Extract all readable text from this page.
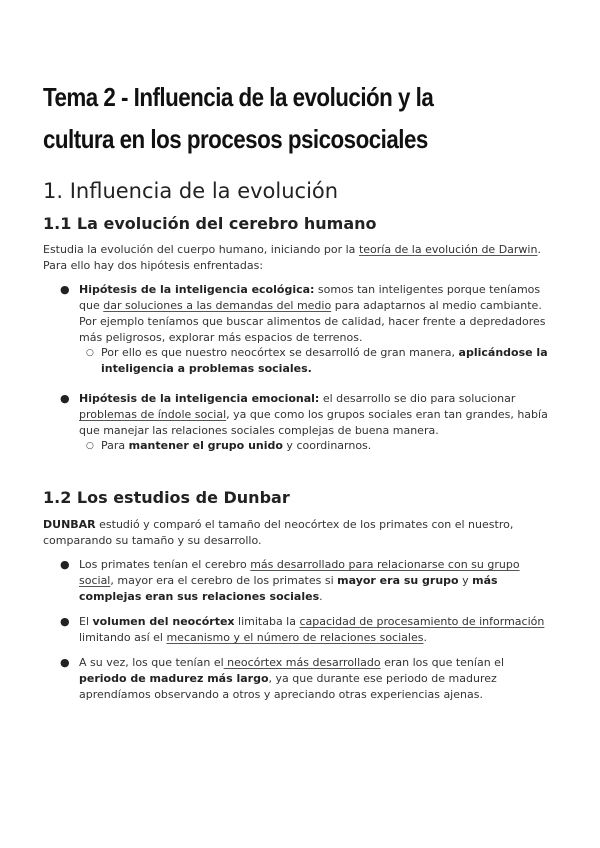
Tema 2 - Influencia de la evolución y la cultura en los procesos psicosociales
1. Influencia de la evolución
1.1 La evolución del cerebro humano

Estudia la evolución del cuerpo humano, iniciando por la teoría de la evolución de Darwin. Para ello hay dos hipótesis enfrentadas:

● Hipótesis de la inteligencia ecológica: somos tan inteligentes porque teníamos que dar soluciones a las demandas del medio para adaptarnos al medio cambiante. Por ejemplo teníamos que buscar alimentos de calidad, hacer frente a depredadores más peligrosos, explorar más espacios de terrenos.

○ Por ello es que nuestro neocórtex se desarrolló de gran manera, aplicándose la inteligencia a problemas sociales.

● Hipótesis de la inteligencia emocional: el desarrollo se dio para solucionar problemas de índole social, ya que como los grupos sociales eran tan grandes, había que manejar las relaciones sociales complejas de buena manera.

○ Para mantener el grupo unido y coordinarnos.

1.2 Los estudios de Dunbar

DUNBAR estudió y comparó el tamaño del neocórtex de los primates con el nuestro, comparando su tamaño y su desarrollo.

● Los primates tenían el cerebro más desarrollado para relacionarse con su grupo social, mayor era el cerebro de los primates si mayor era su grupo y más complejas eran sus relaciones sociales.

● El volumen del neocórtex limitaba la capacidad de procesamiento de información limitando así el mecanismo y el número de relaciones sociales.

● A su vez, los que tenían el neocórtex más desarrollado eran los que tenían el periodo de madurez más largo, ya que durante ese periodo de madurez aprendíamos observando a otros y apreciando otras experiencias ajenas.
